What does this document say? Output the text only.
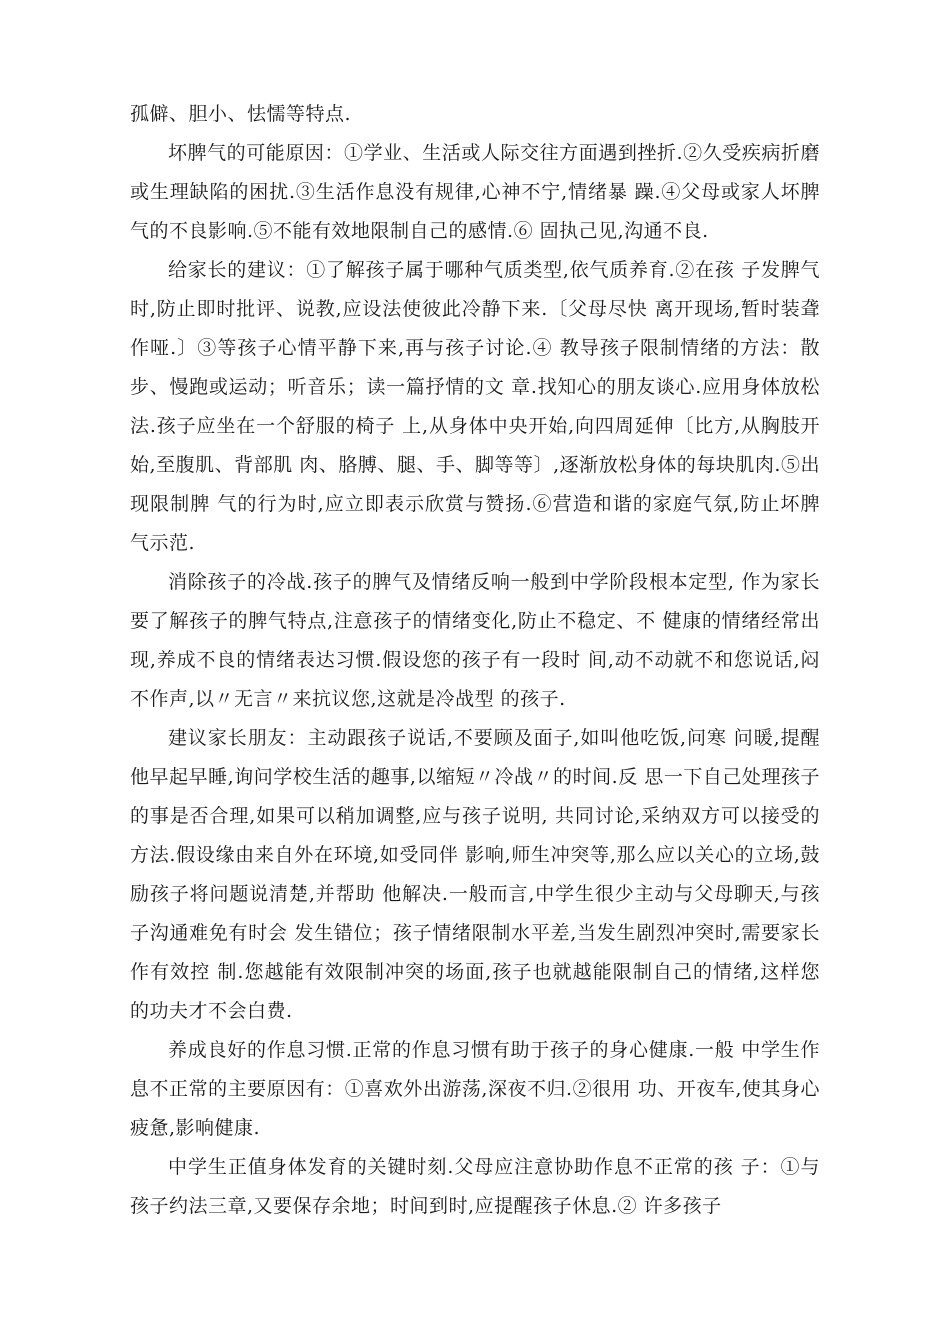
孤僻、胆小、怯懦等特点.

坏脾气的可能原因：①学业、生活或人际交往方面遇到挫折.②久受疾病折磨或生理缺陷的困扰.③生活作息没有规律,心神不宁,情绪暴 躁.④父母或家人坏脾气的不良影响.⑤不能有效地限制自己的感情.⑥ 固执己见,沟通不良.

给家长的建议：①了解孩子属于哪种气质类型,依气质养育.②在孩 子发脾气时,防止即时批评、说教,应设法使彼此冷静下来.〔父母尽快 离开现场,暂时装聋作哑.〕③等孩子心情平静下来,再与孩子讨论.④ 教导孩子限制情绪的方法：散步、慢跑或运动；听音乐；读一篇抒情的文 章.找知心的朋友谈心.应用身体放松法.孩子应坐在一个舒服的椅子 上,从身体中央开始,向四周延伸〔比方,从胸肢开始,至腹肌、背部肌 肉、胳膊、腿、手、脚等等〕,逐渐放松身体的每块肌肉.⑤出现限制脾 气的行为时,应立即表示欣赏与赞扬.⑥营造和谐的家庭气氛,防止坏脾 气示范.

消除孩子的冷战.孩子的脾气及情绪反响一般到中学阶段根本定型, 作为家长要了解孩子的脾气特点,注意孩子的情绪变化,防止不稳定、不 健康的情绪经常出现,养成不良的情绪表达习惯.假设您的孩子有一段时 间,动不动就不和您说话,闷不作声,以〃无言〃来抗议您,这就是冷战型 的孩子.

建议家长朋友：主动跟孩子说话,不要顾及面子,如叫他吃饭,问寒 问暖,提醒他早起早睡,询问学校生活的趣事,以缩短〃冷战〃的时间.反 思一下自己处理孩子的事是否合理,如果可以稍加调整,应与孩子说明, 共同讨论,采纳双方可以接受的方法.假设缘由来自外在环境,如受同伴 影响,师生冲突等,那么应以关心的立场,鼓励孩子将问题说清楚,并帮助 他解决.一般而言,中学生很少主动与父母聊天,与孩子沟通难免有时会 发生错位；孩子情绪限制水平差,当发生剧烈冲突时,需要家长作有效控 制.您越能有效限制冲突的场面,孩子也就越能限制自己的情绪,这样您 的功夫才不会白费.

养成良好的作息习惯.正常的作息习惯有助于孩子的身心健康.一般 中学生作息不正常的主要原因有：①喜欢外出游荡,深夜不归.②很用 功、开夜车,使其身心疲惫,影响健康.

中学生正值身体发育的关键时刻.父母应注意协助作息不正常的孩 子：①与孩子约法三章,又要保存余地；时间到时,应提醒孩子休息.② 许多孩子
